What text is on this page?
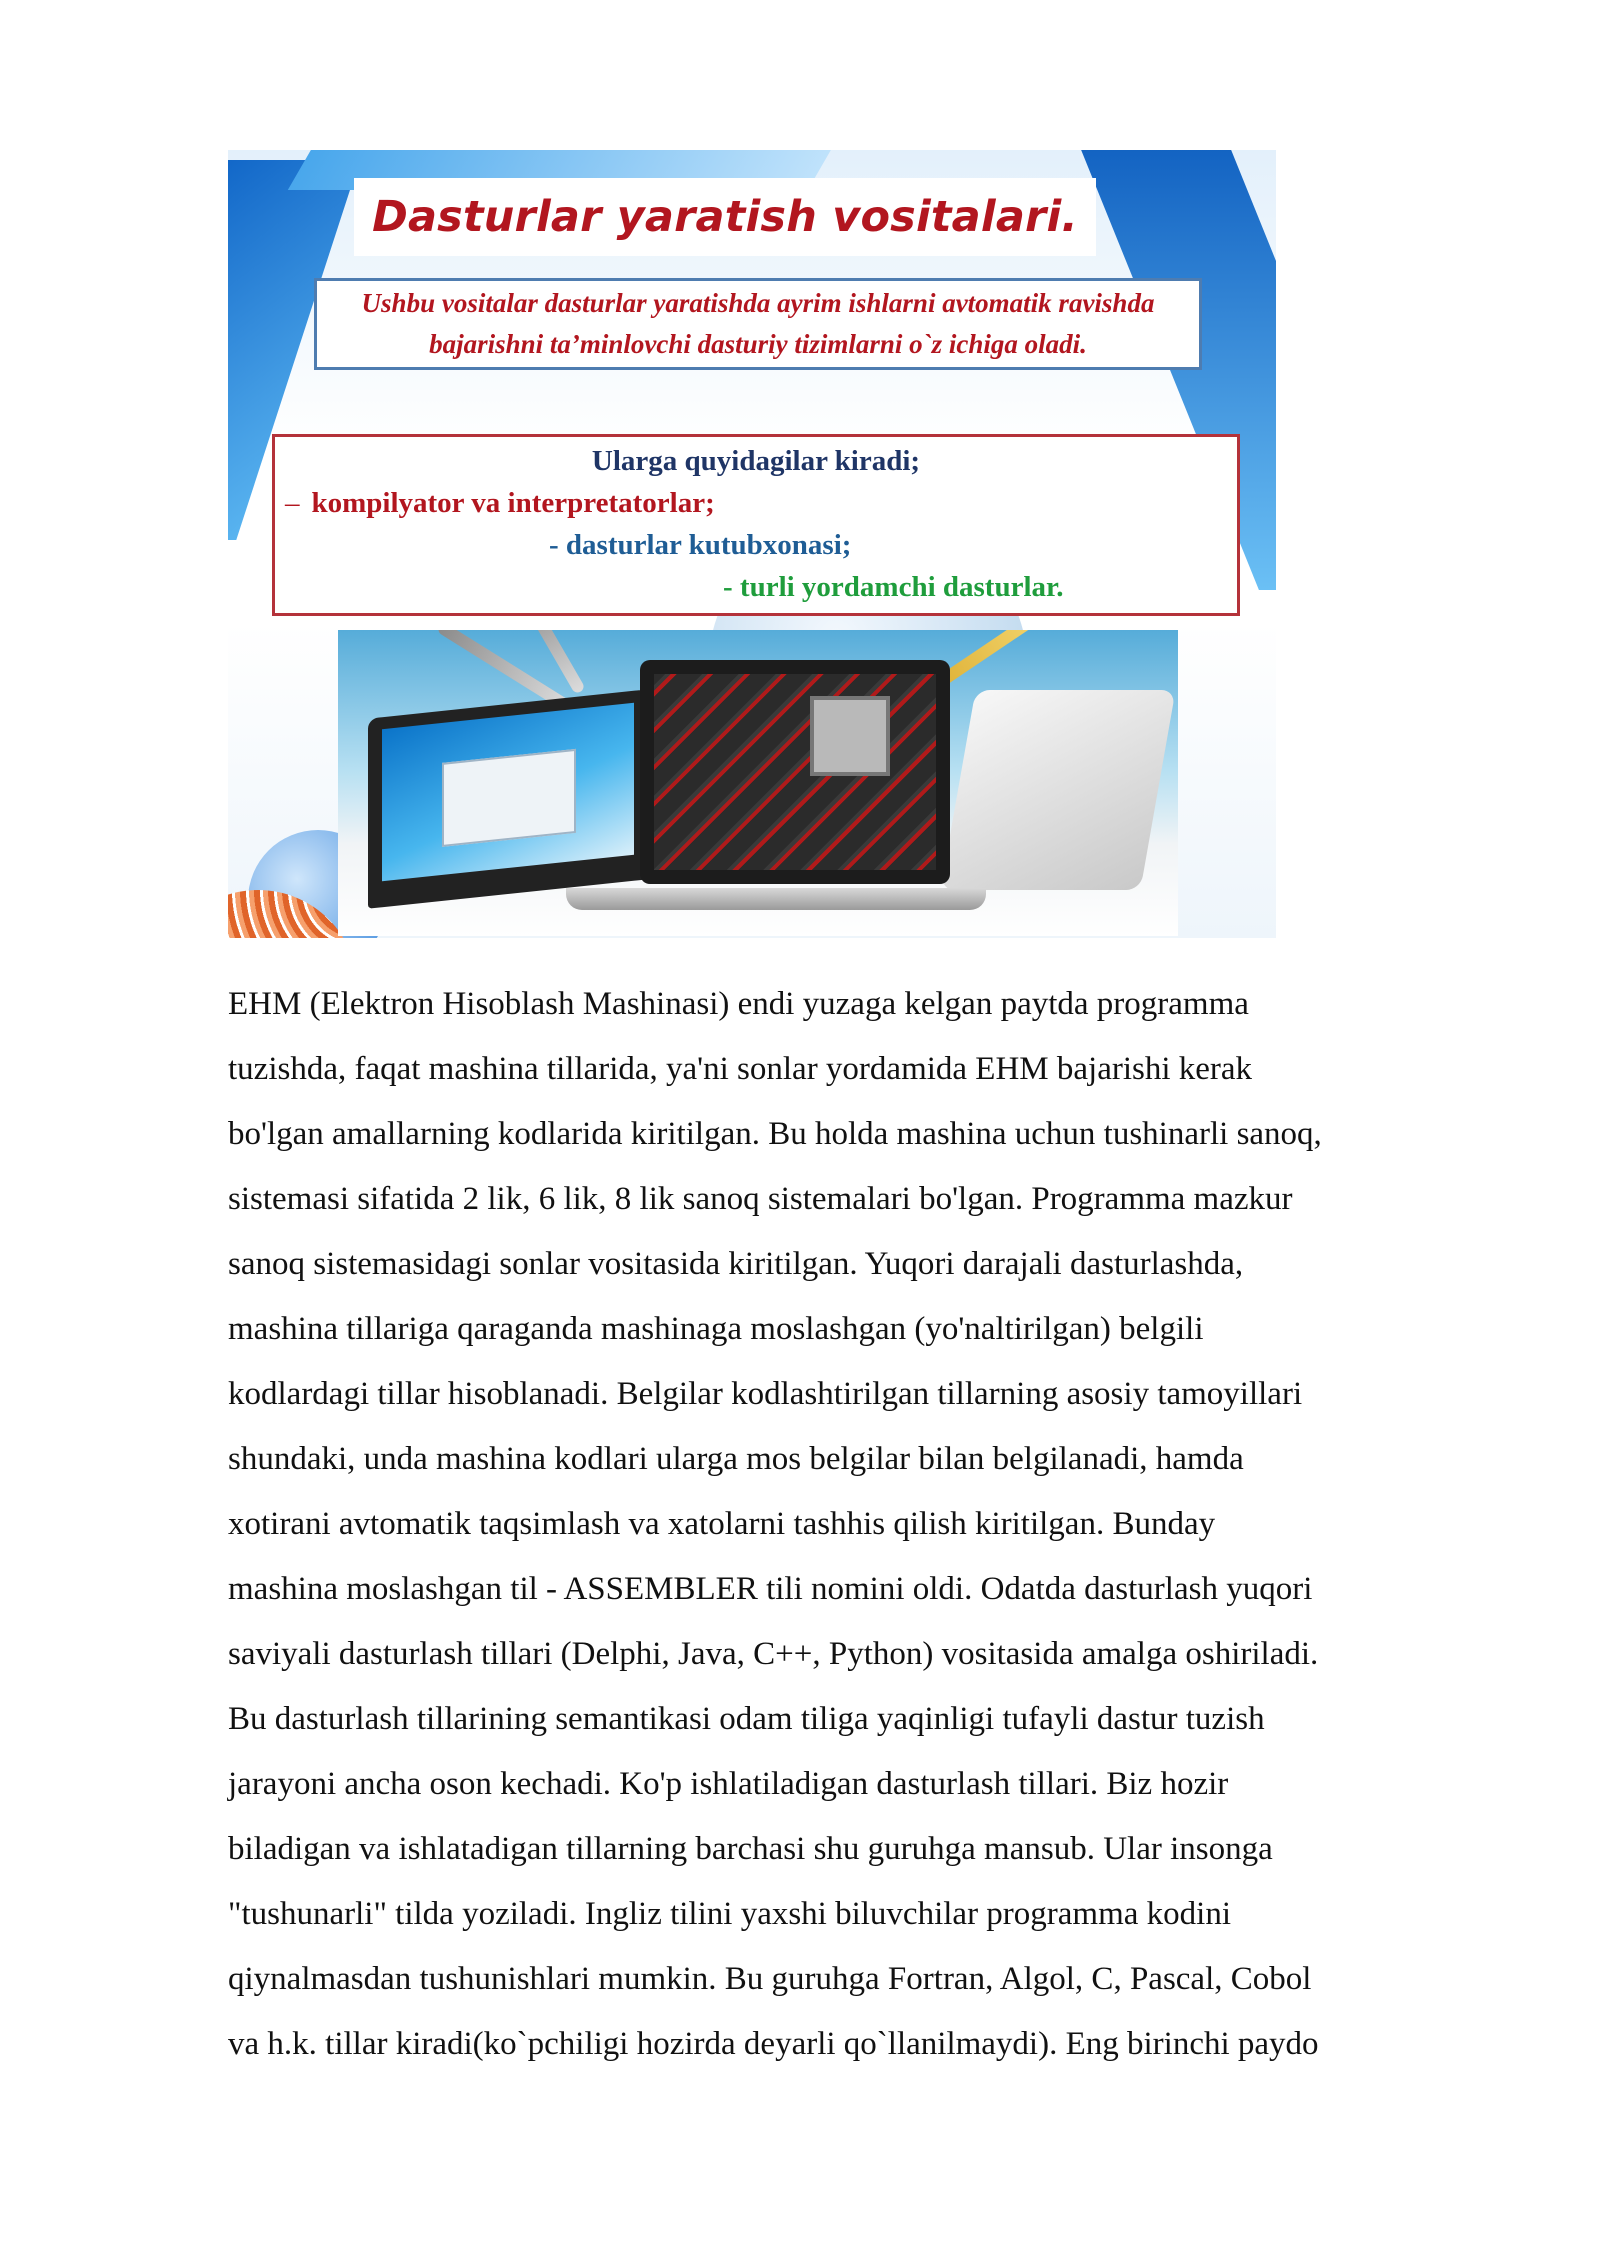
Dasturlar yaratish vositalari.
Ushbu vositalar dasturlar yaratishda ayrim ishlarni avtomatik ravishda bajarishni ta’minlovchi dasturiy tizimlarni o`z ichiga oladi.
Ularga quyidagilar kiradi;
– kompilyator va interpretatorlar;
- dasturlar kutubxonasi;
- turli yordamchi dasturlar.
EHM (Elektron Hisoblash Mashinasi) endi yuzaga kelgan paytda programma
tuzishda, faqat mashina tillarida, ya'ni sonlar yordamida EHM bajarishi kerak
bo'lgan amallarning kodlarida kiritilgan. Bu holda mashina uchun tushinarli sanoq,
sistemasi sifatida 2 lik, 6 lik, 8 lik sanoq sistemalari bo'lgan. Programma mazkur
sanoq sistemasidagi sonlar vositasida kiritilgan. Yuqori darajali dasturlashda,
mashina tillariga qaraganda mashinaga moslashgan (yo'naltirilgan) belgili
kodlardagi tillar hisoblanadi. Belgilar kodlashtirilgan tillarning asosiy tamoyillari
shundaki, unda mashina kodlari ularga mos belgilar bilan belgilanadi, hamda
xotirani avtomatik taqsimlash va xatolarni tashhis qilish kiritilgan. Bunday
mashina moslashgan til - ASSEMBLER tili nomini oldi. Odatda dasturlash yuqori
saviyali dasturlash tillari (Delphi, Java, C++, Python) vositasida amalga oshiriladi.
Bu dasturlash tillarining semantikasi odam tiliga yaqinligi tufayli dastur tuzish
jarayoni ancha oson kechadi. Ko'p ishlatiladigan dasturlash tillari. Biz hozir
biladigan va ishlatadigan tillarning barchasi shu guruhga mansub. Ular insonga
"tushunarli" tilda yoziladi. Ingliz tilini yaxshi biluvchilar programma kodini
qiynalmasdan tushunishlari mumkin. Bu guruhga Fortran, Algol, C, Pascal, Cobol
va h.k. tillar kiradi(ko`pchiligi hozirda deyarli qo`llanilmaydi). Eng birinchi paydo
